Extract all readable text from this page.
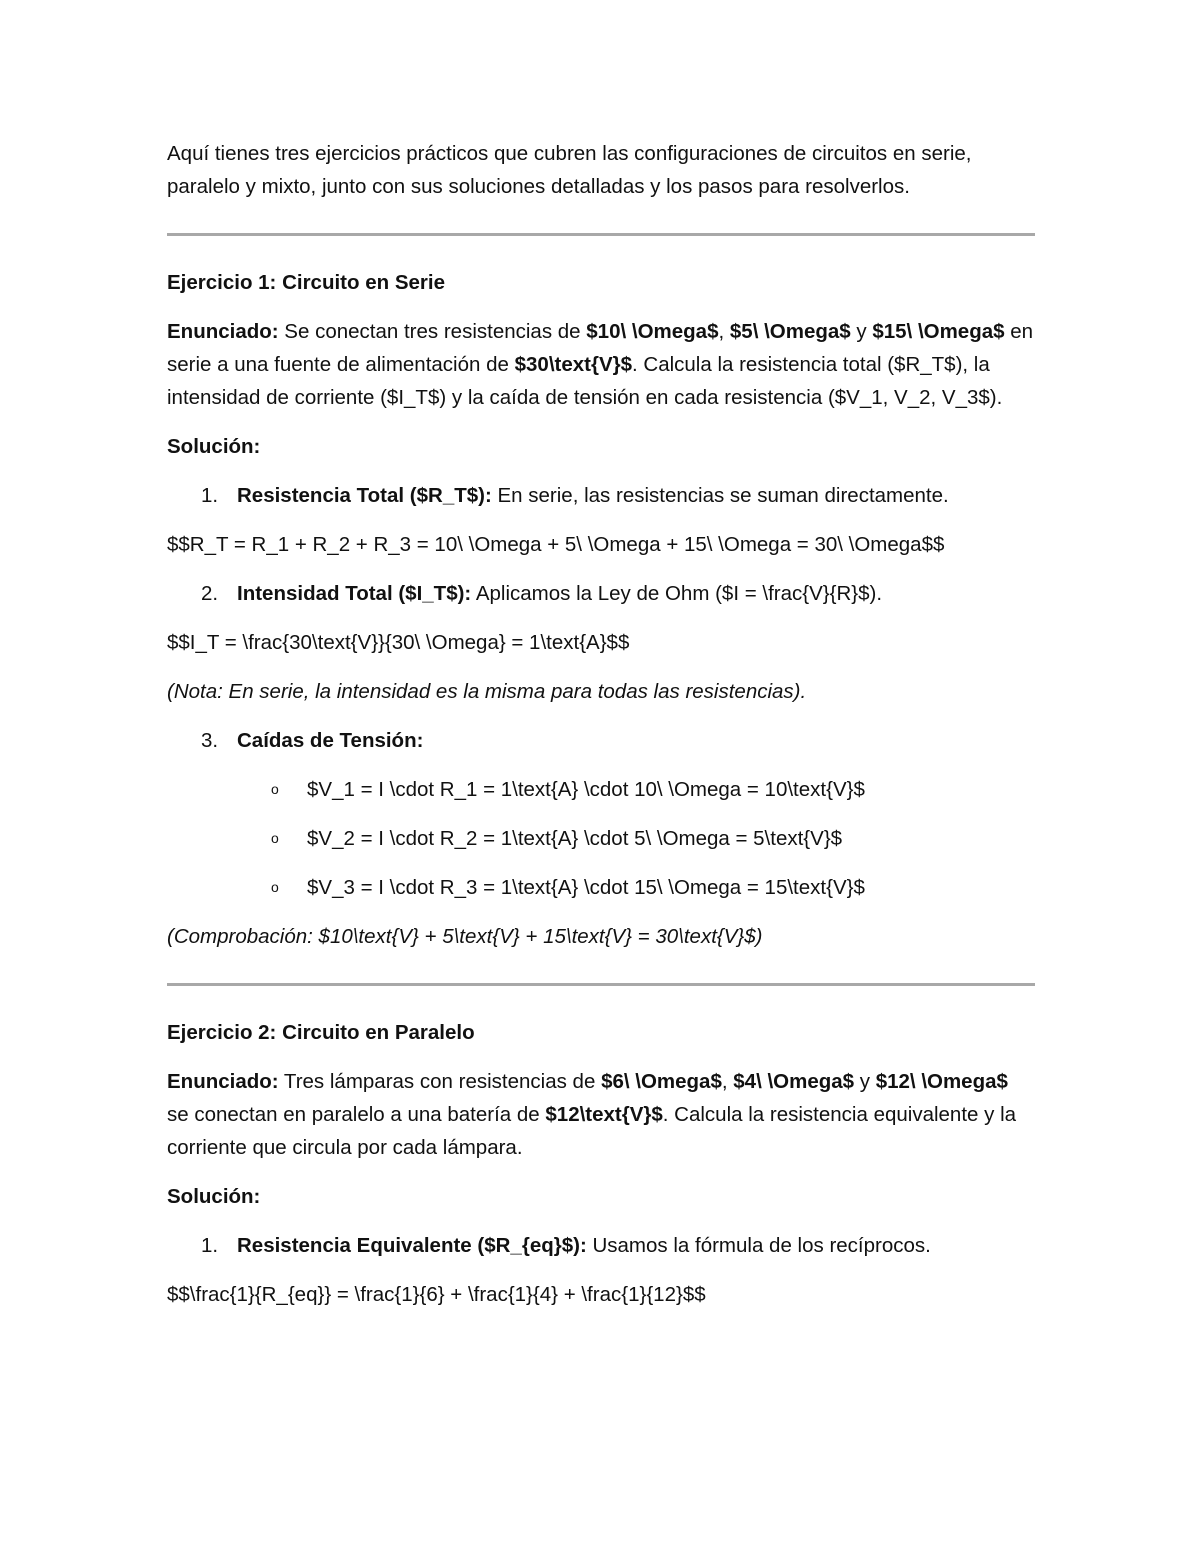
Aquí tienes tres ejercicios prácticos que cubren las configuraciones de circuitos en serie, paralelo y mixto, junto con sus soluciones detalladas y los pasos para resolverlos.

Ejercicio 1: Circuito en Serie

Enunciado: Se conectan tres resistencias de $10\ \Omega$, $5\ \Omega$ y $15\ \Omega$ en serie a una fuente de alimentación de $30\text{V}$. Calcula la resistencia total ($R_T$), la intensidad de corriente ($I_T$) y la caída de tensión en cada resistencia ($V_1, V_2, V_3$).

Solución:

1. Resistencia Total ($R_T$): En serie, las resistencias se suman directamente.

$$R_T = R_1 + R_2 + R_3 = 10\ \Omega + 5\ \Omega + 15\ \Omega = 30\ \Omega$$

2. Intensidad Total ($I_T$): Aplicamos la Ley de Ohm ($I = \frac{V}{R}$).

$$I_T = \frac{30\text{V}}{30\ \Omega} = 1\text{A}$$

(Nota: En serie, la intensidad es la misma para todas las resistencias).

3. Caídas de Tensión:
o	$V_1 = I \cdot R_1 = 1\text{A} \cdot 10\ \Omega = 10\text{V}$
o	$V_2 = I \cdot R_2 = 1\text{A} \cdot 5\ \Omega = 5\text{V}$
o	$V_3 = I \cdot R_3 = 1\text{A} \cdot 15\ \Omega = 15\text{V}$

(Comprobación: $10\text{V} + 5\text{V} + 15\text{V} = 30\text{V}$)

Ejercicio 2: Circuito en Paralelo

Enunciado: Tres lámparas con resistencias de $6\ \Omega$, $4\ \Omega$ y $12\ \Omega$ se conectan en paralelo a una batería de $12\text{V}$. Calcula la resistencia equivalente y la corriente que circula por cada lámpara.

Solución:

1. Resistencia Equivalente ($R_{eq}$): Usamos la fórmula de los recíprocos.

$$\frac{1}{R_{eq}} = \frac{1}{6} + \frac{1}{4} + \frac{1}{12}$$
